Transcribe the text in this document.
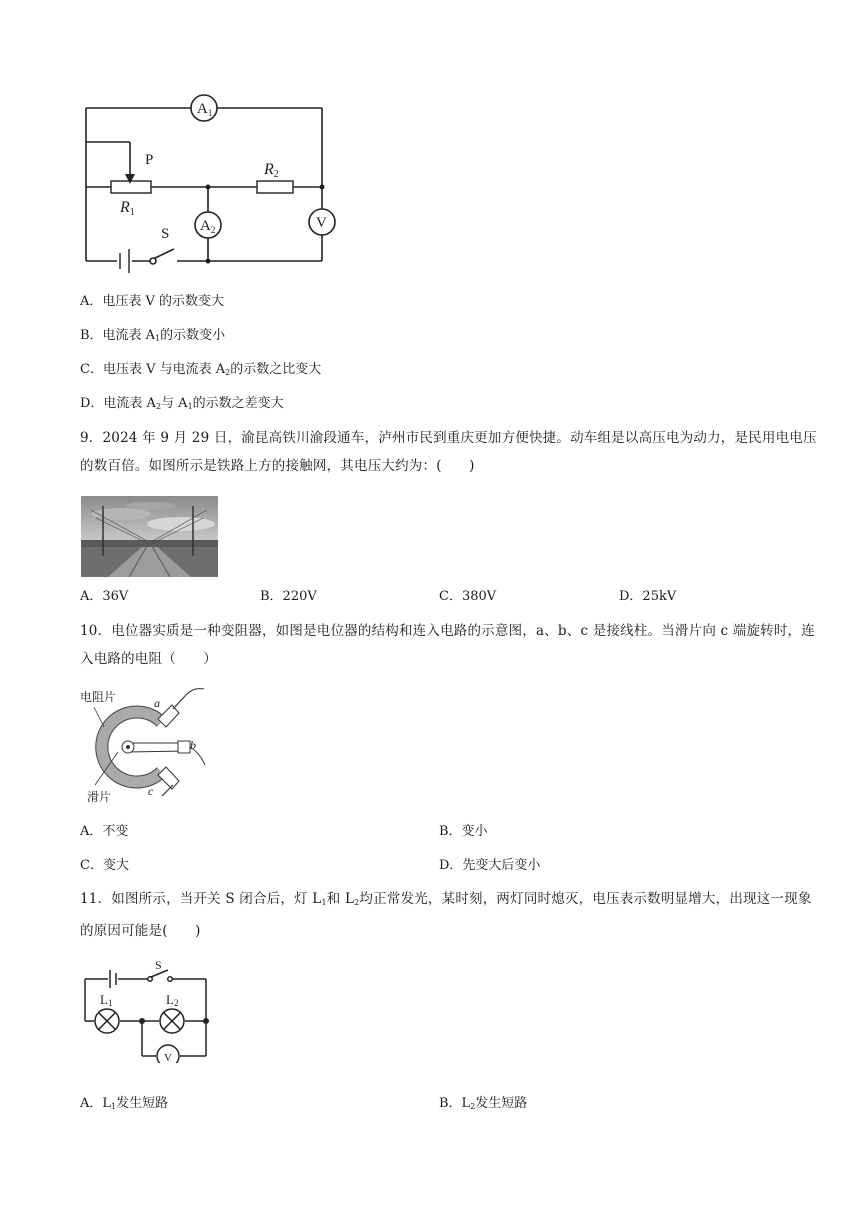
$A_1$
$A_2$	V
P
R1
R2
S
A．电压表 V 的示数变大
B．电流表 $A_1$的示数变小
C．电压表 V 与电流表 $A_2$的示数之比变大
D．电流表 $A_2$与 $A_1$的示数之差变大
9．2024 年 9 月 29 日，渝昆高铁川渝段通车，泸州市民到重庆更加方便快捷。动车组是以高压电为动力，是民用电电压的数百倍。如图所示是铁路上方的接触网，其电压大约为：(　　)
A．36V	B．220V	C．380V	D．25kV
10．电位器实质是一种变阻器，如图是电位器的结构和连入电路的示意图，a、b、c 是接线柱。当滑片向 c 端旋转时，连入电路的电阻（　　）
电阻片
滑片
a
b
c
A．不变	B．变小
C．变大	D．先变大后变小
11．如图所示，当开关 S 闭合后，灯 $L_1$和 $L_2$均正常发光，某时刻，两灯同时熄灭，电压表示数明显增大，出现这一现象的原因可能是(　　)
S
L1	L2
V
A．$L_1$发生短路	B．$L_2$发生短路
